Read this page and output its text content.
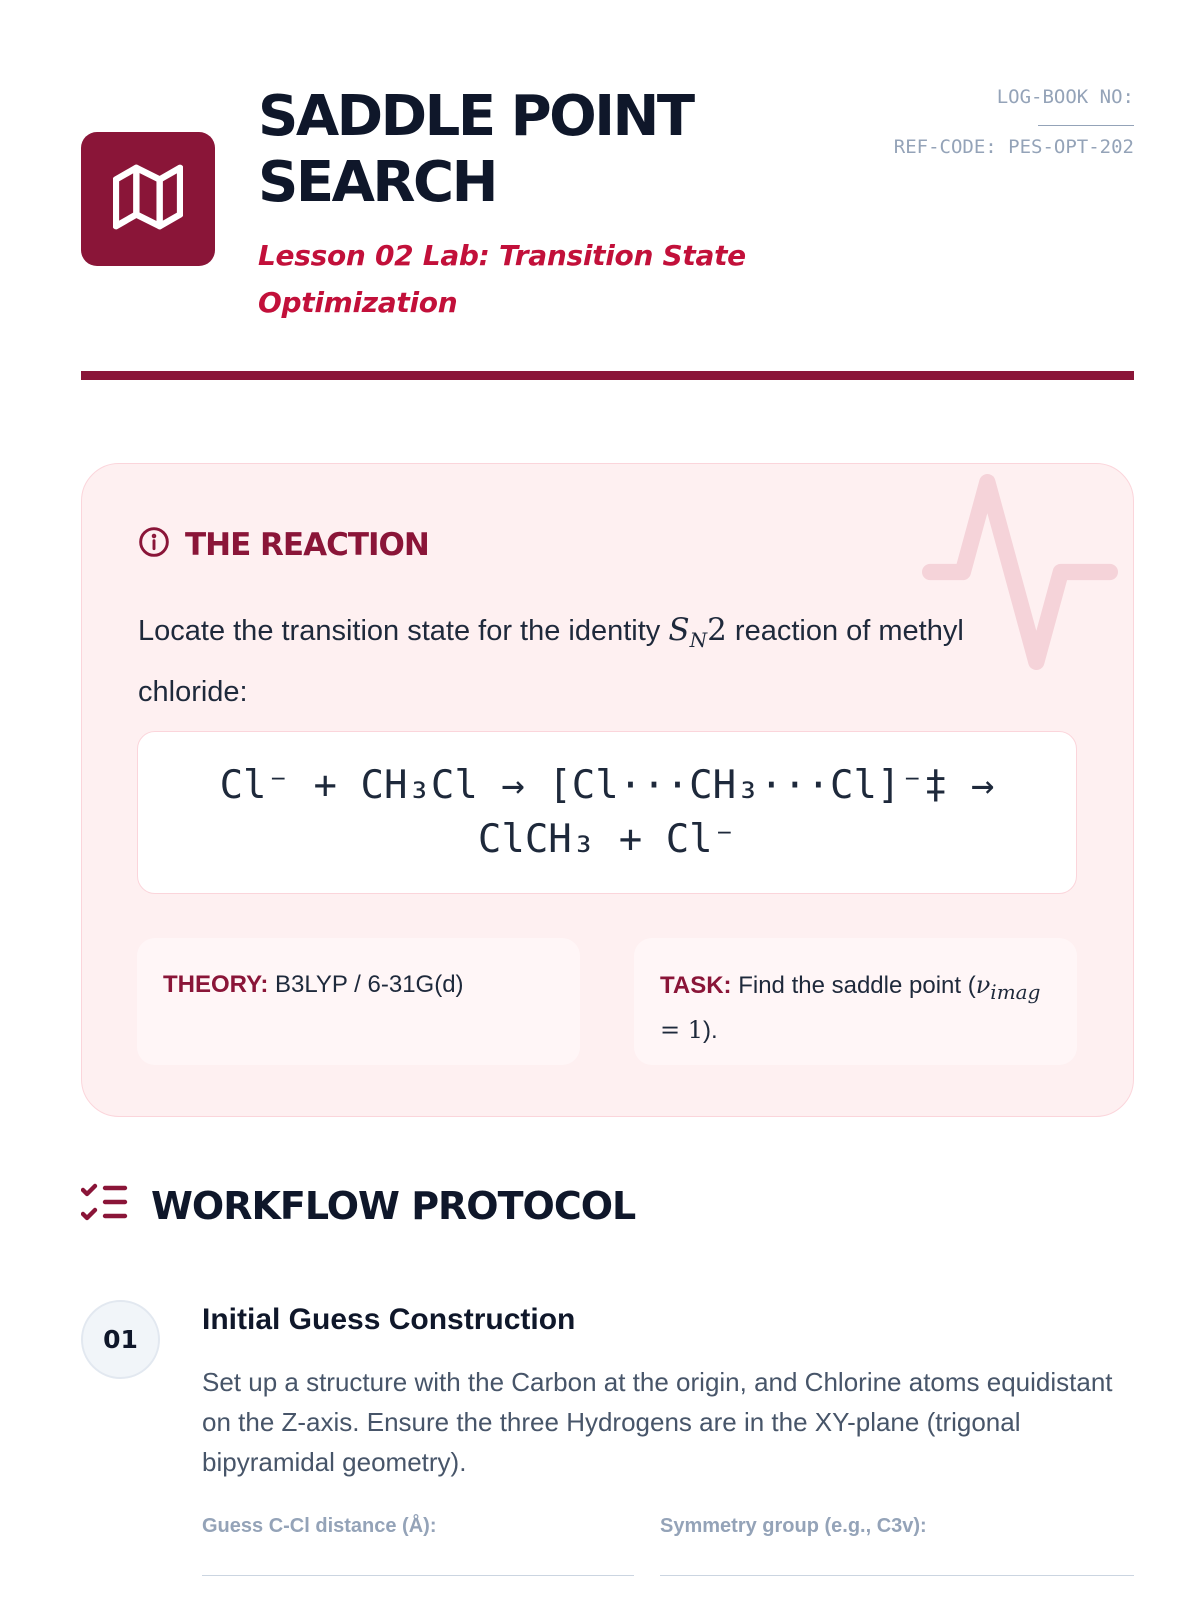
SADDLE POINT SEARCH
Lesson 02 Lab: Transition State Optimization
LOG-BOOK NO:
REF-CODE: PES-OPT-202
THE REACTION

Locate the transition state for the identity $S_N2$ reaction of methyl chloride:

Cl⁻ + CH₃Cl → [Cl···CH₃···Cl]⁻‡ → ClCH₃ + Cl⁻
THEORY: B3LYP / 6-31G(d)	TASK: Find the saddle point $(\nu_{imag} = 1)$.
WORKFLOW PROTOCOL
01
Initial Guess Construction

Set up a structure with the Carbon at the origin, and Chlorine atoms equidistant on the Z-axis. Ensure the three Hydrogens are in the XY-plane (trigonal bipyramidal geometry).

Guess C-Cl distance (Å):	Symmetry group (e.g., C3v):
